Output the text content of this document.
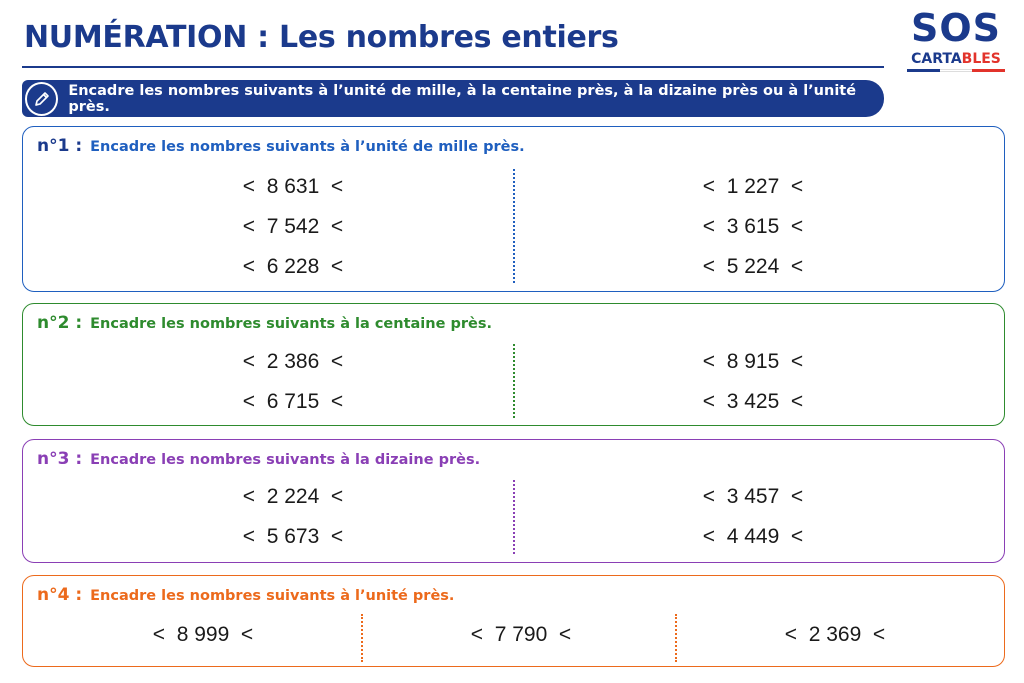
NUMÉRATION : Les nombres entiers	SOS
CARTABLES
Encadre les nombres suivants à l’unité de mille, à la centaine près, à la dizaine près ou à l’unité près.
n°1 : Encadre les nombres suivants à l’unité de mille près.
<  8 631  <
<  7 542  <
<  6 228  <
<  1 227  <
<  3 615  <
<  5 224  <
n°2 : Encadre les nombres suivants à la centaine près.
<  2 386  <
<  6 715  <
<  8 915  <
<  3 425  <
n°3 : Encadre les nombres suivants à la dizaine près.
<  2 224  <
<  5 673  <
<  3 457  <
<  4 449  <
n°4 : Encadre les nombres suivants à l’unité près.
<  8 999  <	<  7 790  <	<  2 369  <
